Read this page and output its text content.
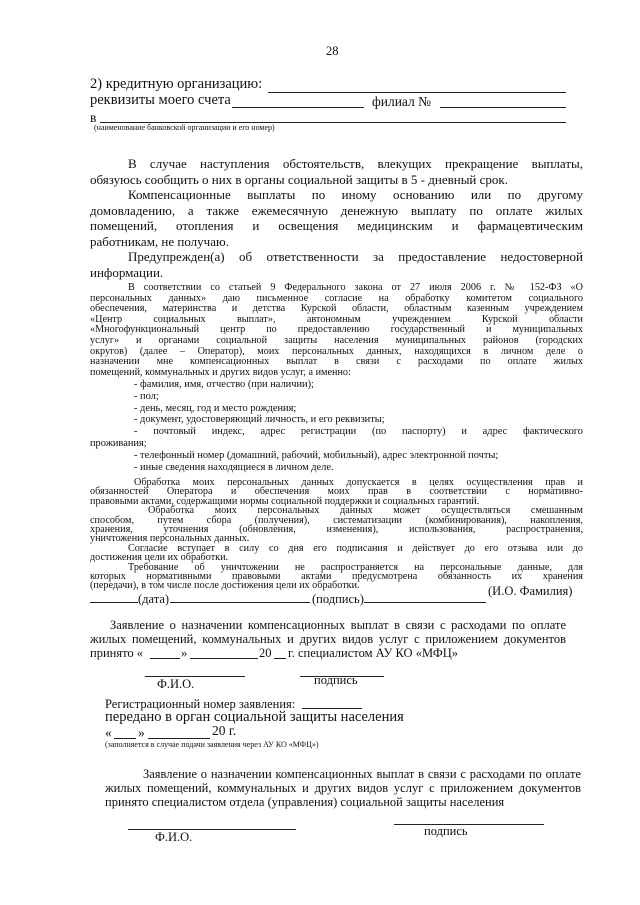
28
2) кредитную организацию:
реквизиты моего счета	филиал №
в
(наименование банковской организации и его номер)
В случае наступления обстоятельств, влекущих прекращение выплаты,
обязуюсь сообщить о них в органы социальной защиты в 5 - дневный срок.
Компенсационные выплаты по иному основанию или по другому
домовладению, а также ежемесячную денежную выплату по оплате жилых
помещений, отопления и освещения медицинским и фармацевтическим
работникам, не получаю.
Предупрежден(а) об ответственности за предоставление недостоверной
информации.
В соответствии со статьей 9 Федерального закона от 27 июля 2006 г. № 152-ФЗ «О
персональных данных» даю письменное согласие на обработку комитетом социального
обеспечения, материнства и детства Курской области, областным казенным учреждением
«Центр социальных выплат», автономным учреждением Курской области
«Многофункциональный центр по предоставлению государственный и муниципальных
услуг» и органами социальной защиты населения муниципальных районов (городских
округов) (далее – Оператор), моих персональных данных, находящихся в личном деле о
назначении мне компенсационных выплат в связи с расходами по оплате жилых
помещений, коммунальных и других видов услуг, а именно:
- фамилия, имя, отчество (при наличии);
- пол;
- день, месяц, год и место рождения;
- документ, удостоверяющий личность, и его реквизиты;
- почтовый индекс, адрес регистрации (по паспорту) и адрес фактического
проживания;
- телефонный номер (домашний, рабочий, мобильный), адрес электронной почты;
- иные сведения находящиеся в личном деле.
Обработка моих персональных данных допускается в целях осуществления прав и
обязанностей Оператора и обеспечения моих прав в соответствии с нормативно-
правовыми актами, содержащими нормы социальной поддержки и социальных гарантий.
Обработка моих персональных данных может осуществляться смешанным
способом, путем сбора (получения), систематизации (комбинирования), накопления,
хранения, уточнения (обновления, изменения), использования, распространения,
уничтожения персональных данных.
Согласие вступает в силу со дня его подписания и действует до его отзыва или до
достижения цели их обработки.
Требование об уничтожении не распространяется на персональные данные, для
которых нормативными правовыми актами предусмотрена обязанность их хранения
(передачи), в том числе после достижения цели их обработки.
(дата)	(подпись)
(И.О. Фамилия)
Заявление о назначении компенсационных выплат в связи с расходами по оплате
жилых помещений, коммунальных и других видов услуг с приложением документов
принято «	»	20 г. специалистом АУ КО «МФЦ»
Ф.И.О.	подпись
Регистрационный номер заявления:
передано в орган социальной защиты населения
« »	20 г.
(заполняется в случае подачи заявления через АУ КО «МФЦ»)
Заявление о назначении компенсационных выплат в связи с расходами по оплате
жилых помещений, коммунальных и других видов услуг с приложением документов
принято специалистом отдела (управления) социальной защиты населения
Ф.И.О.	подпись
